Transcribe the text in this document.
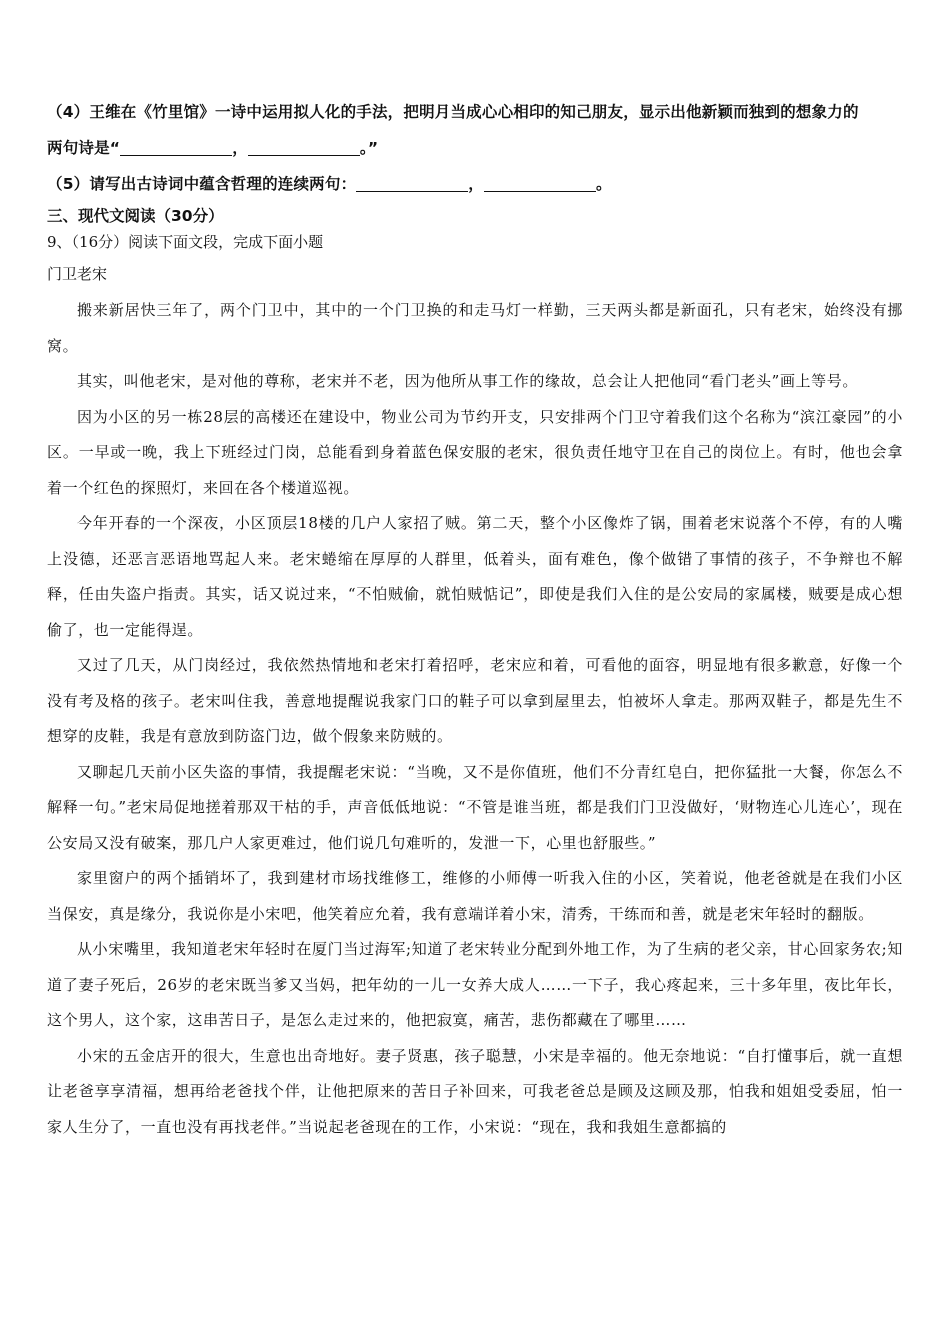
（4）王维在《竹里馆》一诗中运用拟人化的手法，把明月当成心心相印的知己朋友，显示出他新颖而独到的想象力的
两句诗是“	，	。”
（5）请写出古诗词中蕴含哲理的连续两句：	，	。
三、现代文阅读（30分）
9、（16分）阅读下面文段，完成下面小题
门卫老宋

搬来新居快三年了，两个门卫中，其中的一个门卫换的和走马灯一样勤，三天两头都是新面孔，只有老宋，始终没有挪窝。

其实，叫他老宋，是对他的尊称，老宋并不老，因为他所从事工作的缘故，总会让人把他同“看门老头”画上等号。

因为小区的另一栋28层的高楼还在建设中，物业公司为节约开支，只安排两个门卫守着我们这个名称为“滨江豪园”的小区。一早或一晚，我上下班经过门岗，总能看到身着蓝色保安服的老宋，很负责任地守卫在自己的岗位上。有时，他也会拿着一个红色的探照灯，来回在各个楼道巡视。

今年开春的一个深夜，小区顶层18楼的几户人家招了贼。第二天，整个小区像炸了锅，围着老宋说落个不停，有的人嘴上没德，还恶言恶语地骂起人来。老宋蜷缩在厚厚的人群里，低着头，面有难色，像个做错了事情的孩子，不争辩也不解释，任由失盗户指责。其实，话又说过来，“不怕贼偷，就怕贼惦记”，即使是我们入住的是公安局的家属楼，贼要是成心想偷了，也一定能得逞。

又过了几天，从门岗经过，我依然热情地和老宋打着招呼，老宋应和着，可看他的面容，明显地有很多歉意，好像一个没有考及格的孩子。老宋叫住我，善意地提醒说我家门口的鞋子可以拿到屋里去，怕被坏人拿走。那两双鞋子，都是先生不想穿的皮鞋，我是有意放到防盗门边，做个假象来防贼的。

又聊起几天前小区失盗的事情，我提醒老宋说：“当晚，又不是你值班，他们不分青红皂白，把你猛批一大餐，你怎么不解释一句。”老宋局促地搓着那双干枯的手，声音低低地说：“不管是谁当班，都是我们门卫没做好，‘财物连心儿连心’，现在公安局又没有破案，那几户人家更难过，他们说几句难听的，发泄一下，心里也舒服些。”

家里窗户的两个插销坏了，我到建材市场找维修工，维修的小师傅一听我入住的小区，笑着说，他老爸就是在我们小区当保安，真是缘分，我说你是小宋吧，他笑着应允着，我有意端详着小宋，清秀，干练而和善，就是老宋年轻时的翻版。

从小宋嘴里，我知道老宋年轻时在厦门当过海军;知道了老宋转业分配到外地工作，为了生病的老父亲，甘心回家务农;知道了妻子死后，26岁的老宋既当爹又当妈，把年幼的一儿一女养大成人……一下子，我心疼起来，三十多年里，夜比年长，这个男人，这个家，这串苦日子，是怎么走过来的，他把寂寞，痛苦，悲伤都藏在了哪里……

小宋的五金店开的很大，生意也出奇地好。妻子贤惠，孩子聪慧，小宋是幸福的。他无奈地说：“自打懂事后，就一直想让老爸享享清福，想再给老爸找个伴，让他把原来的苦日子补回来，可我老爸总是顾及这顾及那，怕我和姐姐受委屈，怕一家人生分了，一直也没有再找老伴。”当说起老爸现在的工作，小宋说：“现在，我和我姐生意都搞的
